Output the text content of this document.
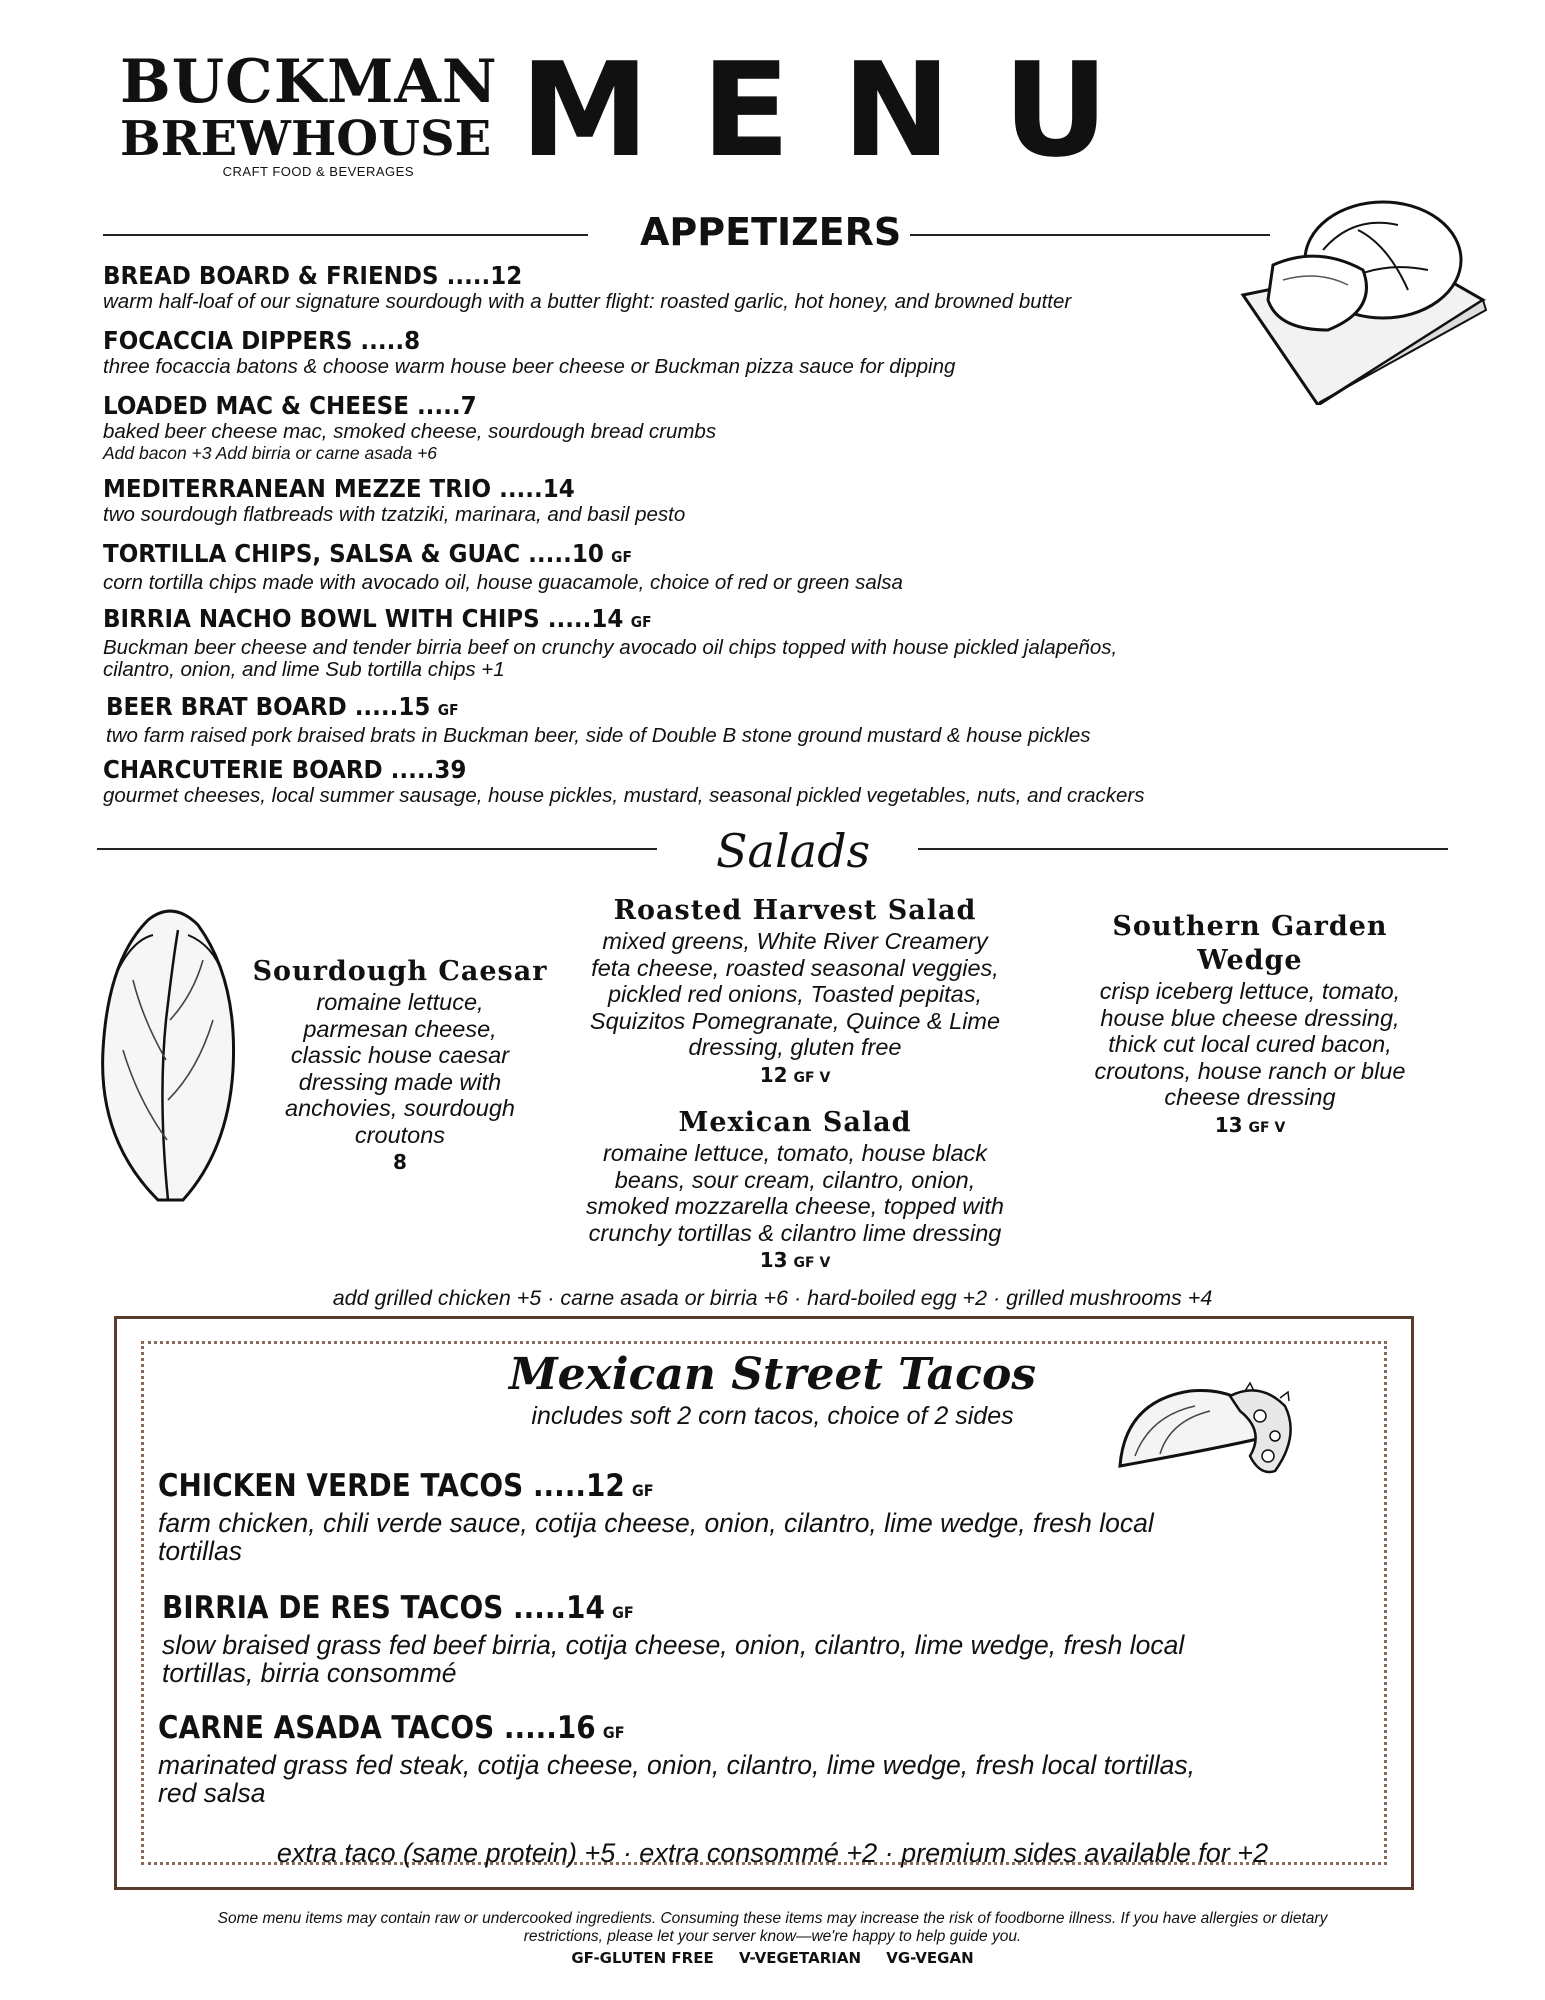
BUCKMAN
BREWHOUSE
CRAFT FOOD & BEVERAGES MENU
APPETIZERS
BREAD BOARD & FRIENDS .....12
warm half-loaf of our signature sourdough with a butter flight: roasted garlic, hot honey, and browned butter
FOCACCIA DIPPERS .....8
three focaccia batons & choose warm house beer cheese or Buckman pizza sauce for dipping
LOADED MAC & CHEESE .....7
baked beer cheese mac, smoked cheese, sourdough bread crumbs
Add bacon +3 Add birria or carne asada +6
MEDITERRANEAN MEZZE TRIO .....14
two sourdough flatbreads with tzatziki, marinara, and basil pesto
TORTILLA CHIPS, SALSA & GUAC .....10 GF
corn tortilla chips made with avocado oil, house guacamole, choice of red or green salsa
BIRRIA NACHO BOWL WITH CHIPS .....14 GF
Buckman beer cheese and tender birria beef on crunchy avocado oil chips topped with house pickled jalapeños,
cilantro, onion, and lime Sub tortilla chips +1
BEER BRAT BOARD .....15 GF
two farm raised pork braised brats in Buckman beer, side of Double B stone ground mustard & house pickles
CHARCUTERIE BOARD .....39
gourmet cheeses, local summer sausage, house pickles, mustard, seasonal pickled vegetables, nuts, and crackers
Salads
Sourdough Caesar
romaine lettuce,
parmesan cheese,
classic house caesar
dressing made with
anchovies, sourdough
croutons
8
Roasted Harvest Salad
mixed greens, White River Creamery
feta cheese, roasted seasonal veggies,
pickled red onions, Toasted pepitas,
Squizitos Pomegranate, Quince & Lime
dressing, gluten free
12 GF V
Mexican Salad
romaine lettuce, tomato, house black
beans, sour cream, cilantro, onion,
smoked mozzarella cheese, topped with
crunchy tortillas & cilantro lime dressing
13 GF V
Southern Garden
Wedge
crisp iceberg lettuce, tomato,
house blue cheese dressing,
thick cut local cured bacon,
croutons, house ranch or blue
cheese dressing
13 GF V
add grilled chicken +5 · carne asada or birria +6 · hard-boiled egg +2 · grilled mushrooms +4
Mexican Street Tacos
includes soft 2 corn tacos, choice of 2 sides
CHICKEN VERDE TACOS .....12 GF
farm chicken, chili verde sauce, cotija cheese, onion, cilantro, lime wedge, fresh local
tortillas
BIRRIA DE RES TACOS .....14 GF
slow braised grass fed beef birria, cotija cheese, onion, cilantro, lime wedge, fresh local
tortillas, birria consommé
CARNE ASADA TACOS .....16 GF
marinated grass fed steak, cotija cheese, onion, cilantro, lime wedge, fresh local tortillas,
red salsa
extra taco (same protein) +5 · extra consommé +2 · premium sides available for +2
Some menu items may contain raw or undercooked ingredients. Consuming these items may increase the risk of foodborne illness. If you have allergies or dietary
restrictions, please let your server know—we're happy to help guide you.
GF-GLUTEN FREE V-VEGETARIAN VG-VEGAN
